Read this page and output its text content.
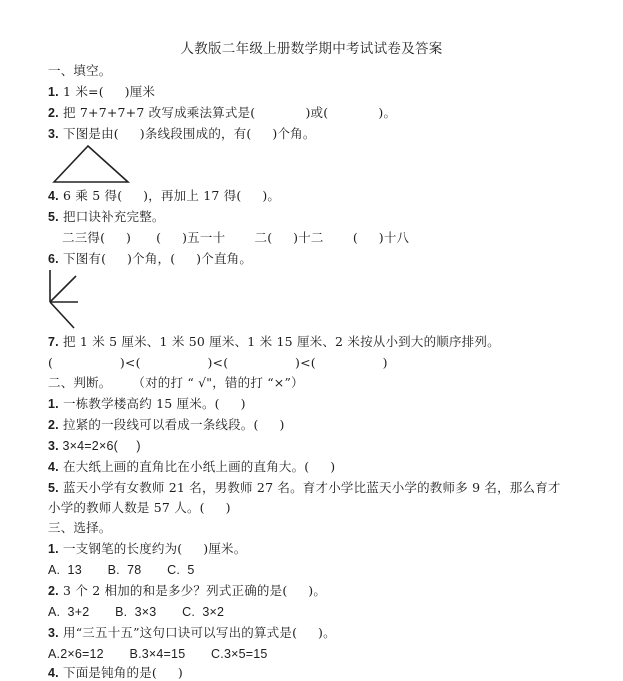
人教版二年级上册数学期中考试试卷及答案
一、填空。
1. 1 米=(     )厘米
2. 把 7+7+7+7 改写成乘法算式是(            )或(            )。
3. 下图是由(     )条线段围成的，有(     )个角。
4. 6 乘 5 得(     )，再加上 17 得(     )。
5. 把口诀补充完整。
二三得(     )      (     )五一十       二(     )十二       (     )十八
6. 下图有(     )个角，(     )个直角。
7. 把 1 米 5 厘米、1 米 50 厘米、1 米 15 厘米、2 米按从小到大的顺序排列。
(                )<(                )<(                )<(                )
二、判断。     （对的打 “ √"，错的打 “×”）
1. 一栋教学楼高约 15 厘米。(     )
2. 拉紧的一段线可以看成一条线段。(     )
3. 3×4=2×6(     )
4. 在大纸上画的直角比在小纸上画的直角大。(     )
5. 蓝天小学有女教师 21 名，男教师 27 名。育才小学比蓝天小学的教师多 9 名，那么育才
小学的教师人数是 57 人。(     )
三、选择。
1. 一支钢笔的长度约为(     )厘米。
A.  13       B.  78       C.  5
2. 3 个 2 相加的和是多少？列式正确的是(     )。
A.  3+2       B.  3×3       C.  3×2
3. 用“三五十五”这句口诀可以写出的算式是(     )。
A.2×6=12       B.3×4=15       C.3×5=15
4. 下面是钝角的是(     )
